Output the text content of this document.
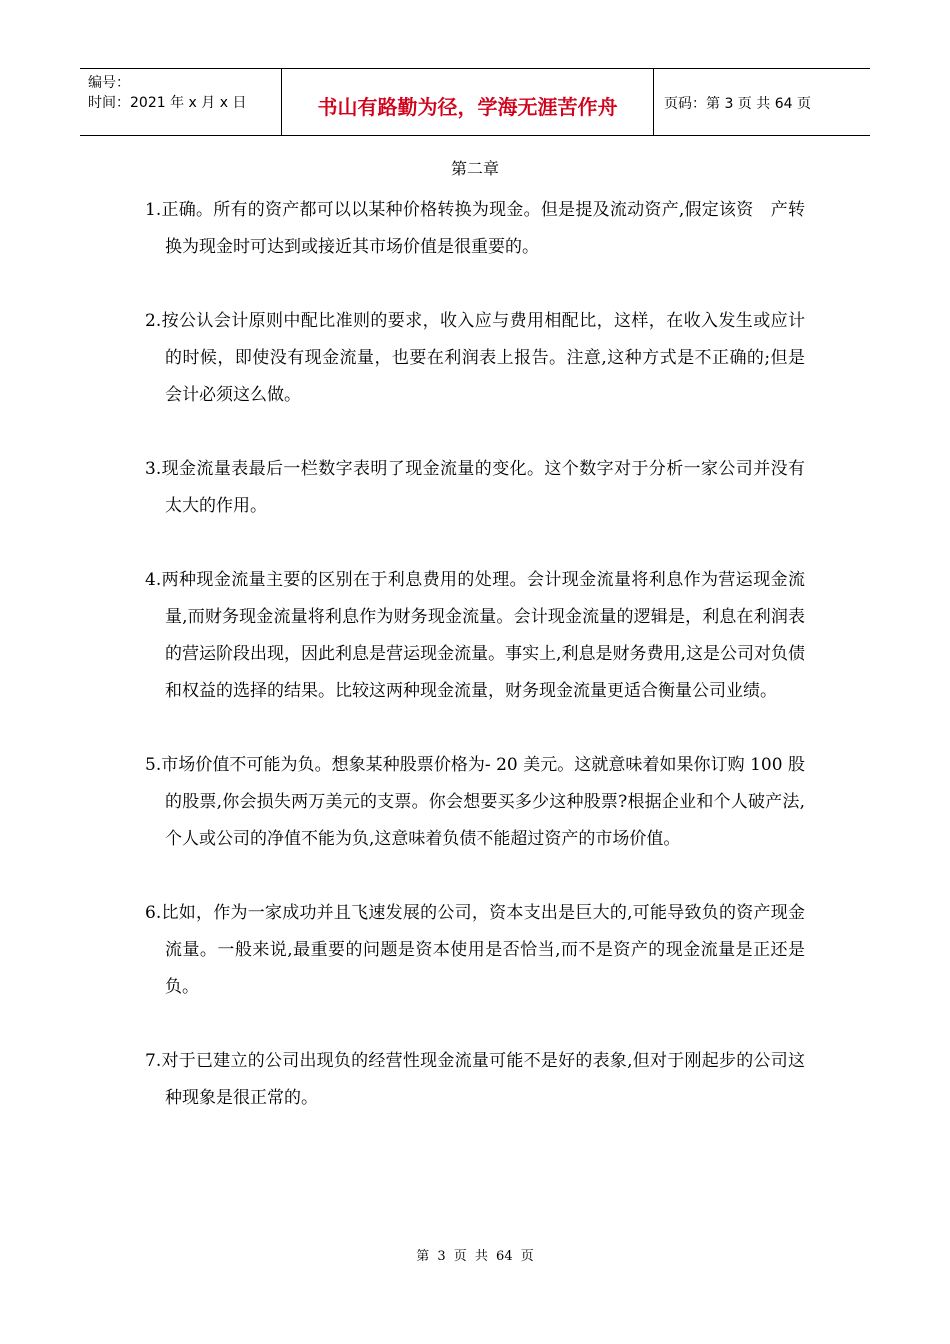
编号：
时间：2021 年 x 月 x 日	书山有路勤为径，学海无涯苦作舟	页码：第 3 页 共 64 页
第二章

1.正确。所有的资产都可以以某种价格转换为现金。但是提及流动资产,假定该资　产转换为现金时可达到或接近其市场价值是很重要的。

2.按公认会计原则中配比准则的要求，收入应与费用相配比，这样，在收入发生或应计的时候，即使没有现金流量，也要在利润表上报告。注意,这种方式是不正确的;但是会计必须这么做。

3.现金流量表最后一栏数字表明了现金流量的变化。这个数字对于分析一家公司并没有太大的作用。

4.两种现金流量主要的区别在于利息费用的处理。会计现金流量将利息作为营运现金流量,而财务现金流量将利息作为财务现金流量。会计现金流量的逻辑是，利息在利润表的营运阶段出现，因此利息是营运现金流量。事实上,利息是财务费用,这是公司对负债和权益的选择的结果。比较这两种现金流量，财务现金流量更适合衡量公司业绩。

5.市场价值不可能为负。想象某种股票价格为- 20 美元。这就意味着如果你订购 100 股的股票,你会损失两万美元的支票。你会想要买多少这种股票?根据企业和个人破产法,个人或公司的净值不能为负,这意味着负债不能超过资产的市场价值。

6.比如，作为一家成功并且飞速发展的公司，资本支出是巨大的,可能导致负的资产现金流量。一般来说,最重要的问题是资本使用是否恰当,而不是资产的现金流量是正还是负。

7.对于已建立的公司出现负的经营性现金流量可能不是好的表象,但对于刚起步的公司这种现象是很正常的。

第 3 页 共 64 页
